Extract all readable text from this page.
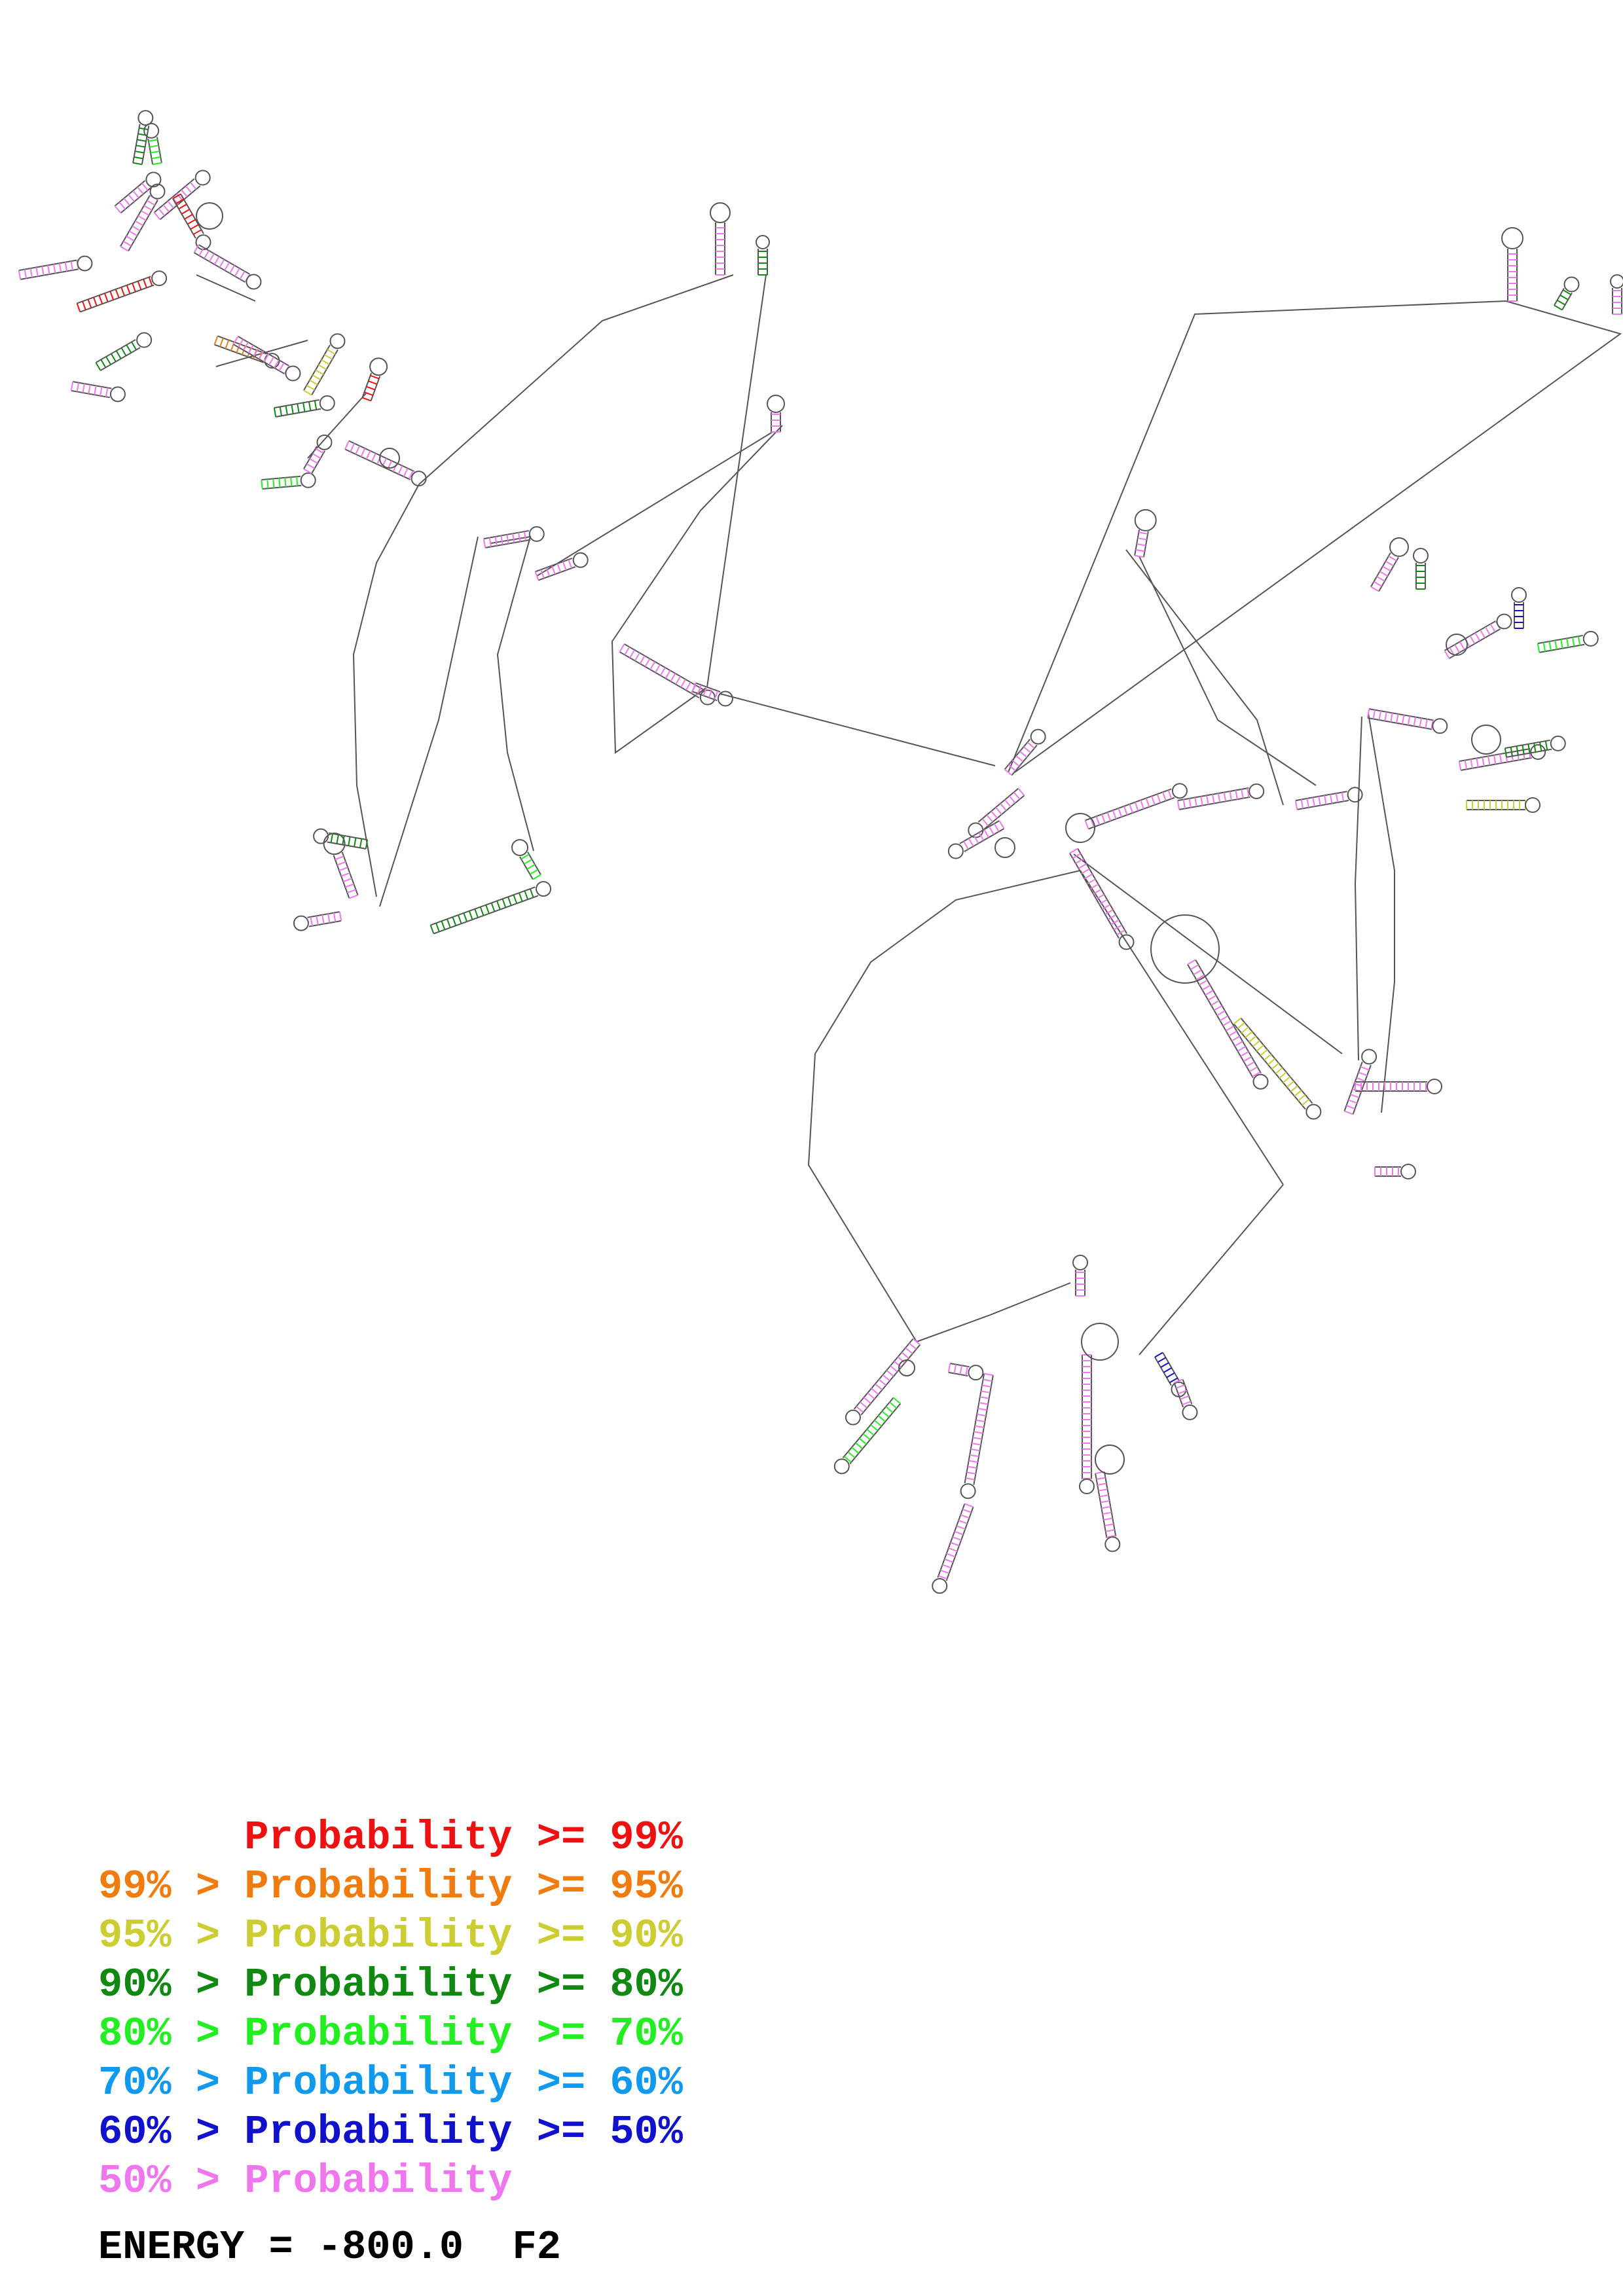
Probability >= 99%
99% > Probability >= 95%
95% > Probability >= 90%
90% > Probability >= 80%
80% > Probability >= 70%
70% > Probability >= 60%
60% > Probability >= 50%
50% > Probability
ENERGY = -800.0 F2
